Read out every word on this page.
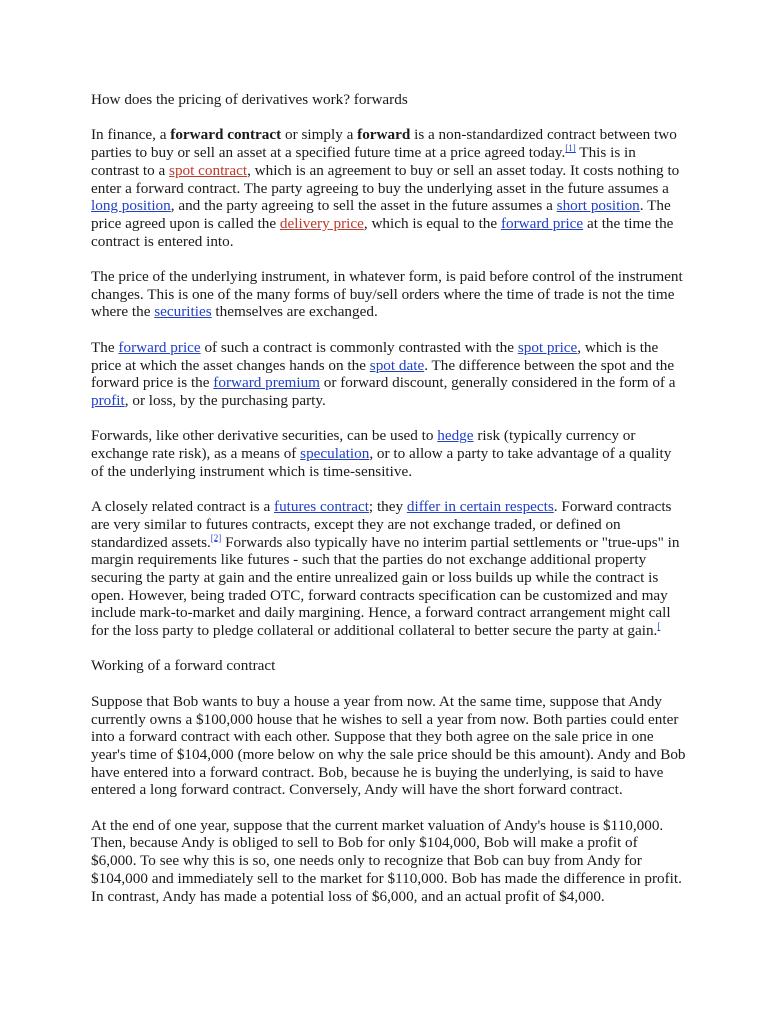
How does the pricing of derivatives work? forwards

In finance, a forward contract or simply a forward is a non-standardized contract between two parties to buy or sell an asset at a specified future time at a price agreed today.[1] This is in contrast to a spot contract, which is an agreement to buy or sell an asset today. It costs nothing to enter a forward contract. The party agreeing to buy the underlying asset in the future assumes a long position, and the party agreeing to sell the asset in the future assumes a short position. The price agreed upon is called the delivery price, which is equal to the forward price at the time the contract is entered into.

The price of the underlying instrument, in whatever form, is paid before control of the instrument changes. This is one of the many forms of buy/sell orders where the time of trade is not the time where the securities themselves are exchanged.

The forward price of such a contract is commonly contrasted with the spot price, which is the price at which the asset changes hands on the spot date. The difference between the spot and the forward price is the forward premium or forward discount, generally considered in the form of a profit, or loss, by the purchasing party.

Forwards, like other derivative securities, can be used to hedge risk (typically currency or exchange rate risk), as a means of speculation, or to allow a party to take advantage of a quality of the underlying instrument which is time-sensitive.

A closely related contract is a futures contract; they differ in certain respects. Forward contracts are very similar to futures contracts, except they are not exchange traded, or defined on standardized assets.[2] Forwards also typically have no interim partial settlements or "true-ups" in margin requirements like futures - such that the parties do not exchange additional property securing the party at gain and the entire unrealized gain or loss builds up while the contract is open. However, being traded OTC, forward contracts specification can be customized and may include mark-to-market and daily margining. Hence, a forward contract arrangement might call for the loss party to pledge collateral or additional collateral to better secure the party at gain.[

Working of a forward contract

Suppose that Bob wants to buy a house a year from now. At the same time, suppose that Andy currently owns a $100,000 house that he wishes to sell a year from now. Both parties could enter into a forward contract with each other. Suppose that they both agree on the sale price in one year's time of $104,000 (more below on why the sale price should be this amount). Andy and Bob have entered into a forward contract. Bob, because he is buying the underlying, is said to have entered a long forward contract. Conversely, Andy will have the short forward contract.

At the end of one year, suppose that the current market valuation of Andy's house is $110,000. Then, because Andy is obliged to sell to Bob for only $104,000, Bob will make a profit of $6,000. To see why this is so, one needs only to recognize that Bob can buy from Andy for $104,000 and immediately sell to the market for $110,000. Bob has made the difference in profit. In contrast, Andy has made a potential loss of $6,000, and an actual profit of $4,000.
